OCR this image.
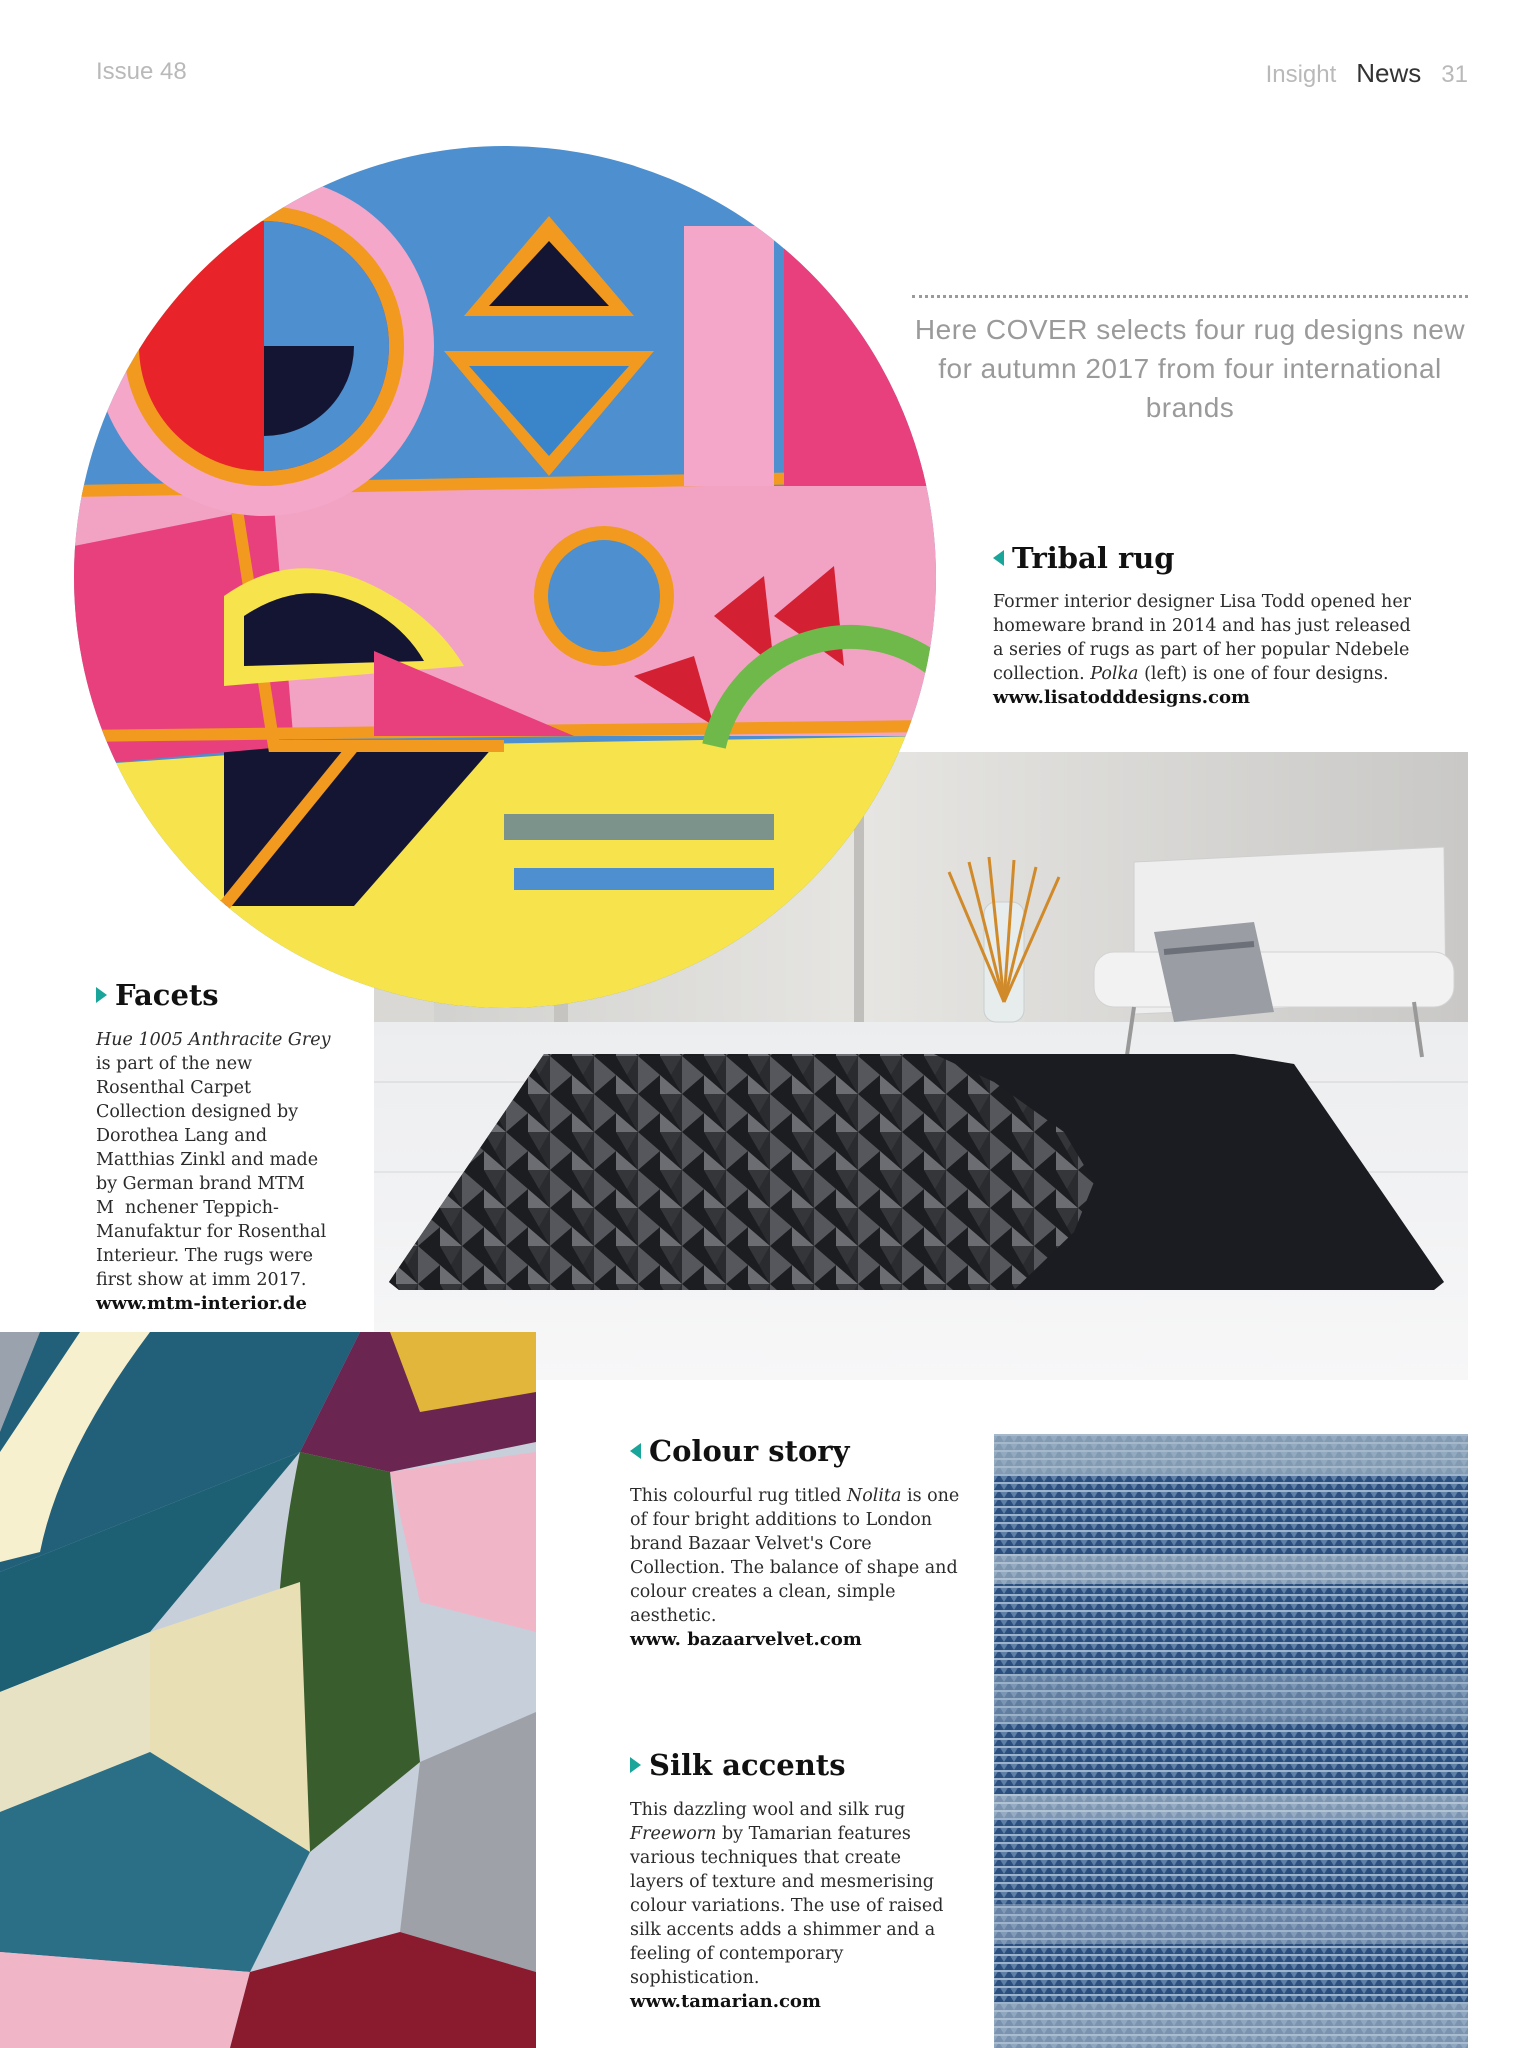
Issue 48	Insight News 31
Here COVER selects four rug designs new for autumn 2017 from four international brands
Tribal rug
Former interior designer Lisa Todd opened her homeware brand in 2014 and has just released a series of rugs as part of her popular Ndebele collection. Polka (left) is one of four designs.
www.lisatodddesigns.com
Facets
Hue 1005 Anthracite Grey is part of the new Rosenthal Carpet Collection designed by Dorothea Lang and Matthias Zinkl and made by German brand MTM M  nchener Teppich-Manufaktur for Rosenthal Interieur. The rugs were first show at imm 2017.
www.mtm-interior.de
Colour story
This colourful rug titled Nolita is one of four bright additions to London brand Bazaar Velvet's Core Collection. The balance of shape and colour creates a clean, simple aesthetic.
www. bazaarvelvet.com
Silk accents
This dazzling wool and silk rug Freeworn by Tamarian features various techniques that create layers of texture and mesmerising colour variations. The use of raised silk accents adds a shimmer and a feeling of contemporary sophistication.
www.tamarian.com
